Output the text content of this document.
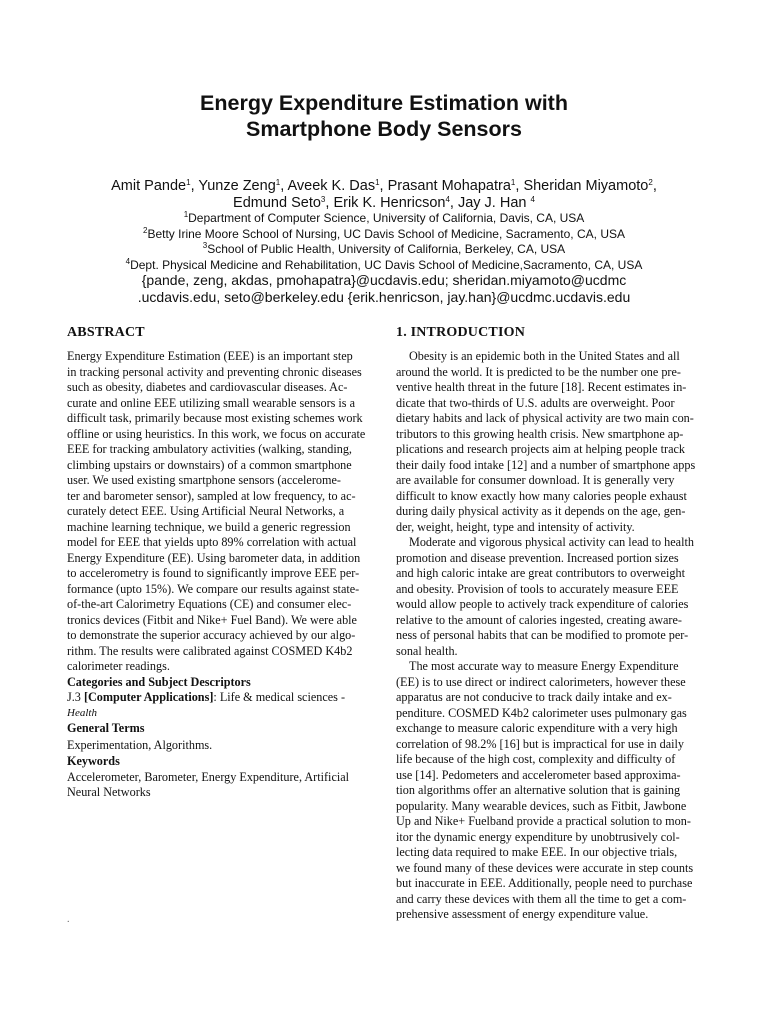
Energy Expenditure Estimation with
Smartphone Body Sensors
Amit Pande$^1$, Yunze Zeng$^1$, Aveek K. Das$^1$, Prasant Mohapatra$^1$, Sheridan Miyamoto$^2$,
Edmund Seto$^3$, Erik K. Henricson$^4$, Jay J. Han $^4$
$^1$Department of Computer Science, University of California, Davis, CA, USA
$^2$Betty Irine Moore School of Nursing, UC Davis School of Medicine, Sacramento, CA, USA
$^3$School of Public Health, University of California, Berkeley, CA, USA
$^4$Dept. Physical Medicine and Rehabilitation, UC Davis School of Medicine,Sacramento, CA, USA
{pande, zeng, akdas, pmohapatra}@ucdavis.edu; sheridan.miyamoto@ucdmc
.ucdavis.edu, seto@berkeley.edu {erik.henricson, jay.han}@ucdmc.ucdavis.edu
ABSTRACT
Energy Expenditure Estimation (EEE) is an important step
in tracking personal activity and preventing chronic diseases
such as obesity, diabetes and cardiovascular diseases. Ac-
curate and online EEE utilizing small wearable sensors is a
difficult task, primarily because most existing schemes work
offline or using heuristics. In this work, we focus on accurate
EEE for tracking ambulatory activities (walking, standing,
climbing upstairs or downstairs) of a common smartphone
user. We used existing smartphone sensors (accelerome-
ter and barometer sensor), sampled at low frequency, to ac-
curately detect EEE. Using Artificial Neural Networks, a
machine learning technique, we build a generic regression
model for EEE that yields upto 89% correlation with actual
Energy Expenditure (EE). Using barometer data, in addition
to accelerometry is found to significantly improve EEE per-
formance (upto 15%). We compare our results against state-
of-the-art Calorimetry Equations (CE) and consumer elec-
tronics devices (Fitbit and Nike+ Fuel Band). We were able
to demonstrate the superior accuracy achieved by our algo-
rithm. The results were calibrated against COSMED K4b2
calorimeter readings.
Categories and Subject Descriptors
J.3 [Computer Applications]: Life & medical sciences -
Health
General Terms
Experimentation, Algorithms.
Keywords
Accelerometer, Barometer, Energy Expenditure, Artificial
Neural Networks
1. INTRODUCTION
Obesity is an epidemic both in the United States and all
around the world. It is predicted to be the number one pre-
ventive health threat in the future [18]. Recent estimates in-
dicate that two-thirds of U.S. adults are overweight. Poor
dietary habits and lack of physical activity are two main con-
tributors to this growing health crisis. New smartphone ap-
plications and research projects aim at helping people track
their daily food intake [12] and a number of smartphone apps
are available for consumer download. It is generally very
difficult to know exactly how many calories people exhaust
during daily physical activity as it depends on the age, gen-
der, weight, height, type and intensity of activity.
Moderate and vigorous physical activity can lead to health
promotion and disease prevention. Increased portion sizes
and high caloric intake are great contributors to overweight
and obesity. Provision of tools to accurately measure EEE
would allow people to actively track expenditure of calories
relative to the amount of calories ingested, creating aware-
ness of personal habits that can be modified to promote per-
sonal health.
The most accurate way to measure Energy Expenditure
(EE) is to use direct or indirect calorimeters, however these
apparatus are not conducive to track daily intake and ex-
penditure. COSMED K4b2 calorimeter uses pulmonary gas
exchange to measure caloric expenditure with a very high
correlation of 98.2% [16] but is impractical for use in daily
life because of the high cost, complexity and difficulty of
use [14]. Pedometers and accelerometer based approxima-
tion algorithms offer an alternative solution that is gaining
popularity. Many wearable devices, such as Fitbit, Jawbone
Up and Nike+ Fuelband provide a practical solution to mon-
itor the dynamic energy expenditure by unobtrusively col-
lecting data required to make EEE. In our objective trials,
we found many of these devices were accurate in step counts
but inaccurate in EEE. Additionally, people need to purchase
and carry these devices with them all the time to get a com-
prehensive assessment of energy expenditure value.
.
